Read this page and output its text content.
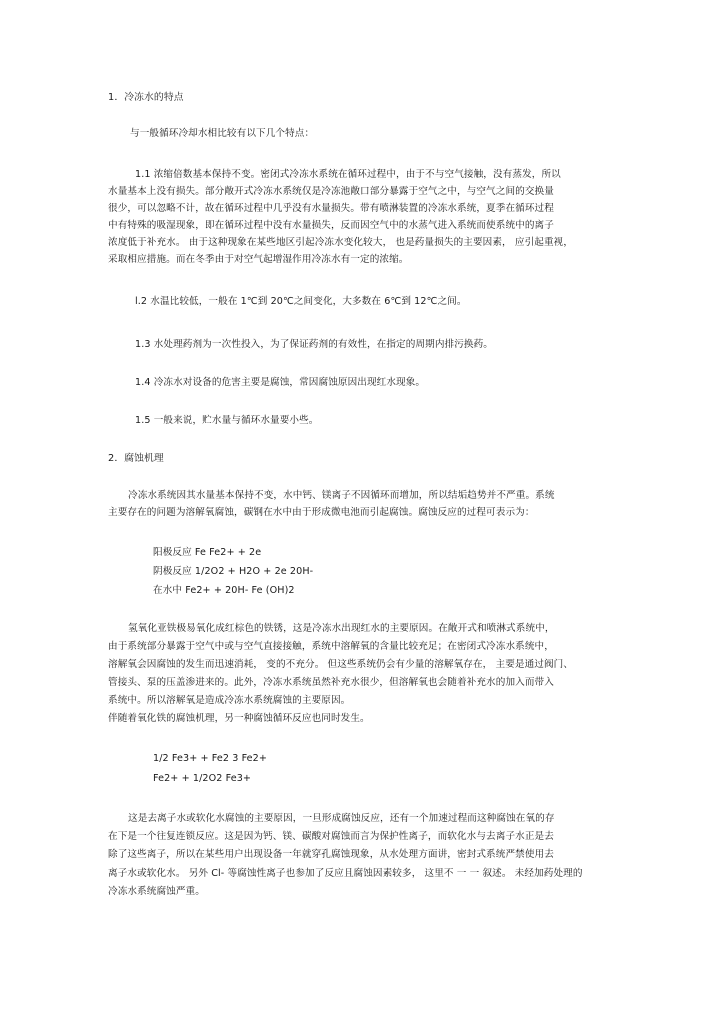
1．冷冻水的特点
与一般循环冷却水相比较有以下几个特点：
1.1 浓缩倍数基本保持不变。密闭式冷冻水系统在循环过程中，由于不与空气接触，没有蒸发，所以
水量基本上没有损失。部分敞开式冷冻水系统仅是冷冻池敞口部分暴露于空气之中，与空气之间的交换量
很少，可以忽略不计，故在循环过程中几乎没有水量损失。带有喷淋装置的冷冻水系统，夏季在循环过程
中有特殊的吸湿现象，即在循环过程中没有水量损失，反而因空气中的水蒸气进入系统而使系统中的离子
浓度低于补充水。 由于这种现象在某些地区引起冷冻水变化较大， 也是药量损失的主要因素， 应引起重视，
采取相应措施。而在冬季由于对空气起增湿作用冷冻水有一定的浓缩。
l.2 水温比较低，一般在 1℃到 20℃之间变化，大多数在 6℃到 12℃之间。
1.3 水处理药剂为一次性投入，为了保证药剂的有效性，在指定的周期内排污换药。
1.4 冷冻水对设备的危害主要是腐蚀，常因腐蚀原因出现红水现象。
1.5 一般来说，贮水量与循环水量要小些。
2．腐蚀机理
冷冻水系统因其水量基本保持不变，水中钙、镁离子不因循环而增加，所以结垢趋势并不严重。系统
主要存在的问题为溶解氧腐蚀，碳钢在水中由于形成微电池而引起腐蚀。腐蚀反应的过程可表示为：
阳极反应 Fe Fe2+ + 2e
阴极反应 1/2O2 + H2O + 2e 20H-
在水中 Fe2+ + 20H- Fe (OH)2
氢氧化亚铁极易氧化成红棕色的铁锈，这是冷冻水出现红水的主要原因。在敞开式和喷淋式系统中，
由于系统部分暴露于空气中或与空气直接接触，系统中溶解氧的含量比较充足；在密闭式冷冻水系统中，
溶解氧会因腐蚀的发生而迅速消耗， 变的不充分。 但这些系统仍会有少量的溶解氧存在， 主要是通过阀门、
管接头、泵的压盖渗进来的。此外，冷冻水系统虽然补充水很少，但溶解氧也会随着补充水的加入而带入
系统中。所以溶解氧是造成冷冻水系统腐蚀的主要原因。
伴随着氧化铁的腐蚀机理，另一种腐蚀循环反应也同时发生。
1/2 Fe3+ + Fe2 3 Fe2+
Fe2+ + 1/2O2 Fe3+
这是去离子水或软化水腐蚀的主要原因，一旦形成腐蚀反应，还有一个加速过程而这种腐蚀在氧的存
在下是一个往复连锁反应。这是因为钙、镁、碳酸对腐蚀而言为保护性离子，而软化水与去离子水正是去
除了这些离子，所以在某些用户出现设备一年就穿孔腐蚀现象，从水处理方面讲，密封式系统严禁使用去
离子水或软化水。 另外 Cl- 等腐蚀性离子也参加了反应且腐蚀因素较多， 这里不 一 一 叙述。 未经加药处理的
冷冻水系统腐蚀严重。
